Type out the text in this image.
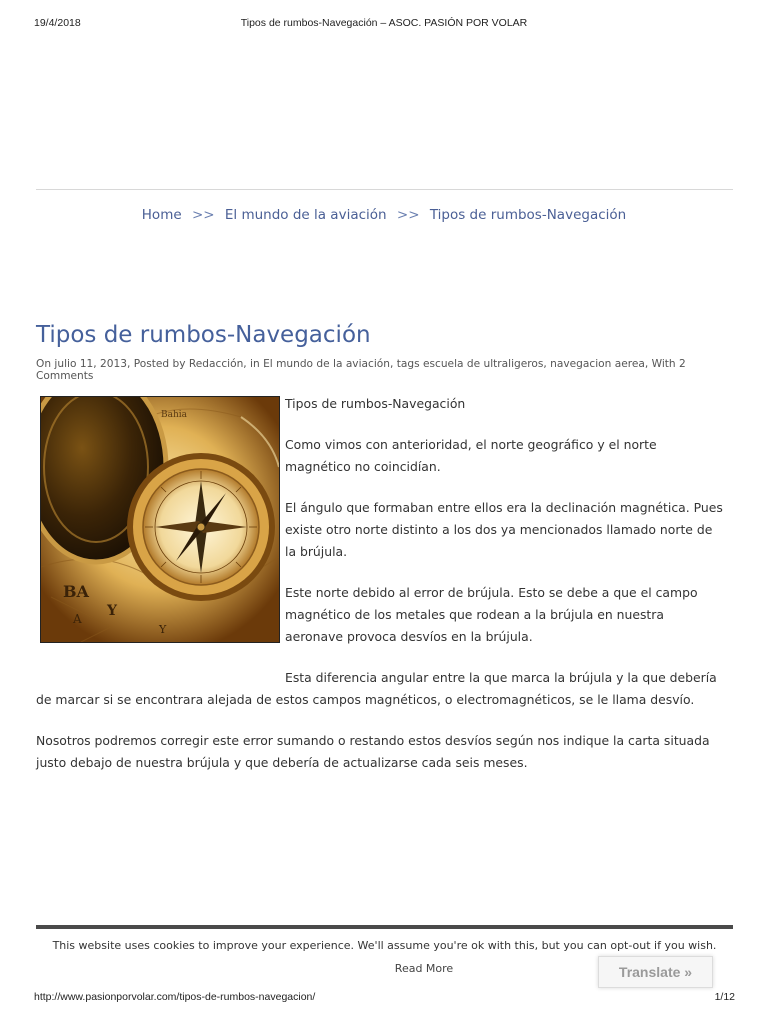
19/4/2018	Tipos de rumbos-Navegación – ASOC. PASIÓN POR VOLAR
Home >> El mundo de la aviación >> Tipos de rumbos-Navegación
Tipos de rumbos-Navegación
On julio 11, 2013, Posted by Redacción, in El mundo de la aviación, tags escuela de ultraligeros, navegacion aerea, With 2 Comments
BA
Y
A
Y
Bahia

Tipos de rumbos-Navegación

Como vimos con anterioridad, el norte geográfico y el norte magnético no coincidían.

El ángulo que formaban entre ellos era la declinación magnética. Pues existe otro norte distinto a los dos ya mencionados llamado norte de la brújula.

Este norte debido al error de brújula. Esto se debe a que el campo magnético de los metales que rodean a la brújula en nuestra aeronave provoca desvíos en la brújula.

Esta diferencia angular entre la que marca la brújula y la que debería de marcar si se encontrara alejada de estos campos magnéticos, o electromagnéticos, se le llama desvío.

Nosotros podremos corregir este error sumando o restando estos desvíos según nos indique la carta situada justo debajo de nuestra brújula y que debería de actualizarse cada seis meses.

This website uses cookies to improve your experience. We'll assume you're ok with this, but you can opt-out if you wish.
Read More	Translate »
http://www.pasionporvolar.com/tipos-de-rumbos-navegacion/	1/12
